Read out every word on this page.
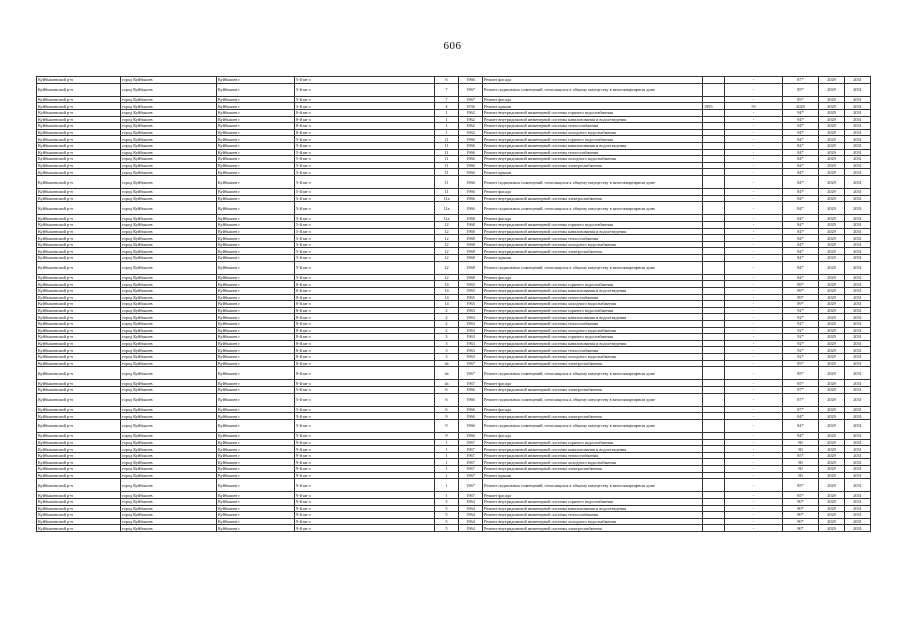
606
Куйбышевский р-н	город Куйбышев	Куйбышев г	5-й кв-л	6	1966	Ремонт фасада		-	87*	2029	2031
Куйбышевский р-н	город Куйбышев	Куйбышев г	5-й кв-л	7	1967	Ремонт подвальных помещений, относящихся к общему имуществу в многоквартирном доме		-	85*	2029	2031
Куйбышевский р-н	город Куйбышев	Куйбышев г	5-й кв-л	7	1967	Ремонт фасада		-	85*	2029	2031
Куйбышевский р-н	город Куйбышев	Куйбышев г	3-й кв-л	4	1936	Ремонт крыши	1995	55	2029	2029	2031
Куйбышевский р-н	город Куйбышев	Куйбышев г	8-й кв-л	1	1962	Ремонт внутридомовой инженерной системы горячего водоснабжения		-	94*	2029	2031
Куйбышевский р-н	город Куйбышев	Куйбышев г	8-й кв-л	1	1962	Ремонт внутридомовой инженерной системы канализования и водоотведения		-	94*	2029	2031
Куйбышевский р-н	город Куйбышев	Куйбышев г	8-й кв-л	1	1962	Ремонт внутридомовой инженерной системы теплоснабжения		-	94*	2029	2031
Куйбышевский р-н	город Куйбышев	Куйбышев г	8-й кв-л	1	1962	Ремонт внутридомовой инженерной системы холодного водоснабжения		-	94*	2029	2031
Куйбышевский р-н	город Куйбышев	Куйбышев г	5-й кв-л	11	1966	Ремонт внутридомовой инженерной системы горячего водоснабжения		-	84*	2029	2031
Куйбышевский р-н	город Куйбышев	Куйбышев г	5-й кв-л	11	1966	Ремонт внутридомовой инженерной системы канализования и водоотведения		-	84*	2029	2031
Куйбышевский р-н	город Куйбышев	Куйбышев г	5-й кв-л	11	1966	Ремонт внутридомовой инженерной системы теплоснабжения		-	84*	2029	2031
Куйбышевский р-н	город Куйбышев	Куйбышев г	5-й кв-л	11	1966	Ремонт внутридомовой инженерной системы холодного водоснабжения		-	84*	2029	2031
Куйбышевский р-н	город Куйбышев	Куйбышев г	5-й кв-л	11	1966	Ремонт внутридомовой инженерной системы электроснабжения		-	84*	2029	2031
Куйбышевский р-н	город Куйбышев	Куйбышев г	5-й кв-л	11	1966	Ремонт крыши		-	84*	2029	2031
Куйбышевский р-н	город Куйбышев	Куйбышев г	5-й кв-л	11	1966	Ремонт подвальных помещений, относящихся к общему имуществу в многоквартирном доме		-	84*	2029	2031
Куйбышевский р-н	город Куйбышев	Куйбышев г	5-й кв-л	11	1966	Ремонт фасада		-	84*	2029	2031
Куйбышевский р-н	город Куйбышев	Куйбышев г	5-й кв-л	11а	1966	Ремонт внутридомовой инженерной системы электроснабжения		-	84*	2029	2031
Куйбышевский р-н	город Куйбышев	Куйбышев г	5-й кв-л	11а	1966	Ремонт подвальных помещений, относящихся к общему имуществу в многоквартирном доме		-	84*	2029	2031
Куйбышевский р-н	город Куйбышев	Куйбышев г	5-й кв-л	11а	1968	Ремонт фасада		-	84*	2029	2031
Куйбышевский р-н	город Куйбышев	Куйбышев г	5-й кв-л	12	1968	Ремонт внутридомовой инженерной системы горячего водоснабжения		-	84*	2029	2031
Куйбышевский р-н	город Куйбышев	Куйбышев г	5-й кв-л	12	1968	Ремонт внутридомовой инженерной системы канализования и водоотведения		-	84*	2029	2031
Куйбышевский р-н	город Куйбышев	Куйбышев г	5-й кв-л	12	1968	Ремонт внутридомовой инженерной системы теплоснабжения		-	84*	2029	2031
Куйбышевский р-н	город Куйбышев	Куйбышев г	5-й кв-л	12	1968	Ремонт внутридомовой инженерной системы холодного водоснабжения		-	84*	2029	2031
Куйбышевский р-н	город Куйбышев	Куйбышев г	5-й кв-л	12	1968	Ремонт внутридомовой инженерной системы электроснабжения		-	84*	2029	2031
Куйбышевский р-н	город Куйбышев	Куйбышев г	5-й кв-л	12	1968	Ремонт крыши		-	84*	2029	2031
Куйбышевский р-н	город Куйбышев	Куйбышев г	5-й кв-л	12	1968	Ремонт подвальных помещений, относящихся к общему имуществу в многоквартирном доме		-	84*	2029	2031
Куйбышевский р-н	город Куйбышев	Куйбышев г	5-й кв-л	12	1968	Ремонт фасада		-	84*	2029	2031
Куйбышевский р-н	город Куйбышев	Куйбышев г	8-й кв-л	14	1965	Ремонт внутридомовой инженерной системы горячего водоснабжения		-	89*	2029	2031
Куйбышевский р-н	город Куйбышев	Куйбышев г	8-й кв-л	14	1965	Ремонт внутридомовой инженерной системы канализования и водоотведения		-	89*	2029	2031
Куйбышевский р-н	город Куйбышев	Куйбышев г	8-й кв-л	14	1965	Ремонт внутридомовой инженерной системы теплоснабжения		-	89*	2029	2031
Куйбышевский р-н	город Куйбышев	Куйбышев г	8-й кв-л	14	1965	Ремонт внутридомовой инженерной системы холодного водоснабжения		-	89*	2029	2031
Куйбышевский р-н	город Куйбышев	Куйбышев г	8-й кв-л	2	1963	Ремонт внутридомовой инженерной системы горячего водоснабжения		-	92*	2029	2031
Куйбышевский р-н	город Куйбышев	Куйбышев г	8-й кв-л	2	1963	Ремонт внутридомовой инженерной системы канализования и водоотведения		-	92*	2029	2031
Куйбышевский р-н	город Куйбышев	Куйбышев г	8-й кв-л	2	1963	Ремонт внутридомовой инженерной системы теплоснабжения		-	92*	2029	2031
Куйбышевский р-н	город Куйбышев	Куйбышев г	8-й кв-л	2	1963	Ремонт внутридомовой инженерной системы холодного водоснабжения		-	92*	2029	2031
Куйбышевский р-н	город Куйбышев	Куйбышев г	8-й кв-л	3	1963	Ремонт внутридомовой инженерной системы горячего водоснабжения		-	92*	2029	2031
Куйбышевский р-н	город Куйбышев	Куйбышев г	8-й кв-л	3	1963	Ремонт внутридомовой инженерной системы канализования и водоотведения		-	92*	2029	2031
Куйбышевский р-н	город Куйбышев	Куйбышев г	8-й кв-л	3	1963	Ремонт внутридомовой инженерной системы теплоснабжения		-	92*	2029	2031
Куйбышевский р-н	город Куйбышев	Куйбышев г	8-й кв-л	3	1963	Ремонт внутридомовой инженерной системы холодного водоснабжения		-	92*	2029	2031
Куйбышевский р-н	город Куйбышев	Куйбышев г	8-й кв-л	4а	1967	Ремонт внутридомовой инженерной системы электроснабжения		-	85*	2029	2031
Куйбышевский р-н	город Куйбышев	Куйбышев г	8-й кв-л	4а	1967	Ремонт подвальных помещений, относящихся к общему имуществу в многоквартирном доме		-	85*	2029	2031
Куйбышевский р-н	город Куйбышев	Куйбышев г	8-й кв-л	4а	1967	Ремонт фасада		-	85*	2029	2031
Куйбышевский р-н	город Куйбышев	Куйбышев г	5-й кв-л	6	1966	Ремонт внутридомовой инженерной системы электроснабжения		-	87*	2029	2031
Куйбышевский р-н	город Куйбышев	Куйбышев г	5-й кв-л	6	1966	Ремонт подвальных помещений, относящихся к общему имуществу в многоквартирном доме		-	87*	2029	2031
Куйбышевский р-н	город Куйбышев	Куйбышев г	5-й кв-л	6	1966	Ремонт фасада		-	87*	2029	2031
Куйбышевский р-н	город Куйбышев	Куйбышев г	5-й кв-л	9	1966	Ремонт внутридомовой инженерной системы электроснабжения		-	84*	2029	2031
Куйбышевский р-н	город Куйбышев	Куйбышев г	5-й кв-л	9	1966	Ремонт подвальных помещений, относящихся к общему имуществу в многоквартирном доме		-	84*	2029	2031
Куйбышевский р-н	город Куйбышев	Куйбышев г	5-й кв-л	9	1966	Ремонт фасада		-	84*	2029	2031
Куйбышевский р-н	город Куйбышев	Куйбышев г	9-й кв-л	1	1967	Ремонт внутридомовой инженерной системы горячего водоснабжения		-	80	2029	2031
Куйбышевский р-н	город Куйбышев	Куйбышев г	9-й кв-л	1	1967	Ремонт внутридомовой инженерной системы канализования и водоотведения		-	80	2029	2031
Куйбышевский р-н	город Куйбышев	Куйбышев г	9-й кв-л	1	1967	Ремонт внутридомовой инженерной системы теплоснабжения		-	85*	2029	2031
Куйбышевский р-н	город Куйбышев	Куйбышев г	9-й кв-л	1	1967	Ремонт внутридомовой инженерной системы холодного водоснабжения		-	80	2029	2031
Куйбышевский р-н	город Куйбышев	Куйбышев г	9-й кв-л	1	1967	Ремонт внутридомовой инженерной системы электроснабжения		-	80	2029	2031
Куйбышевский р-н	город Куйбышев	Куйбышев г	9-й кв-л	1	1967	Ремонт крыши		-	80	2029	2031
Куйбышевский р-н	город Куйбышев	Куйбышев г	9-й кв-л	1	1967	Ремонт подвальных помещений, относящихся к общему имуществу в многоквартирном доме		-	85*	2029	2031
Куйбышевский р-н	город Куйбышев	Куйбышев г	9-й кв-л	1	1967	Ремонт фасада		-	85*	2029	2031
Куйбышевский р-н	город Куйбышев	Куйбышев г	9-й кв-л	5	1964	Ремонт внутридомовой инженерной системы горячего водоснабжения		-	90*	2029	2031
Куйбышевский р-н	город Куйбышев	Куйбышев г	9-й кв-л	5	1964	Ремонт внутридомовой инженерной системы канализования и водоотведения		-	90*	2029	2031
Куйбышевский р-н	город Куйбышев	Куйбышев г	9-й кв-л	5	1964	Ремонт внутридомовой инженерной системы теплоснабжения		-	90*	2029	2031
Куйбышевский р-н	город Куйбышев	Куйбышев г	9-й кв-л	5	1964	Ремонт внутридомовой инженерной системы холодного водоснабжения		-	90*	2029	2031
Куйбышевский р-н	город Куйбышев	Куйбышев г	9-й кв-л	5	1964	Ремонт внутридомовой инженерной системы электроснабжения		-	90*	2029	2031
